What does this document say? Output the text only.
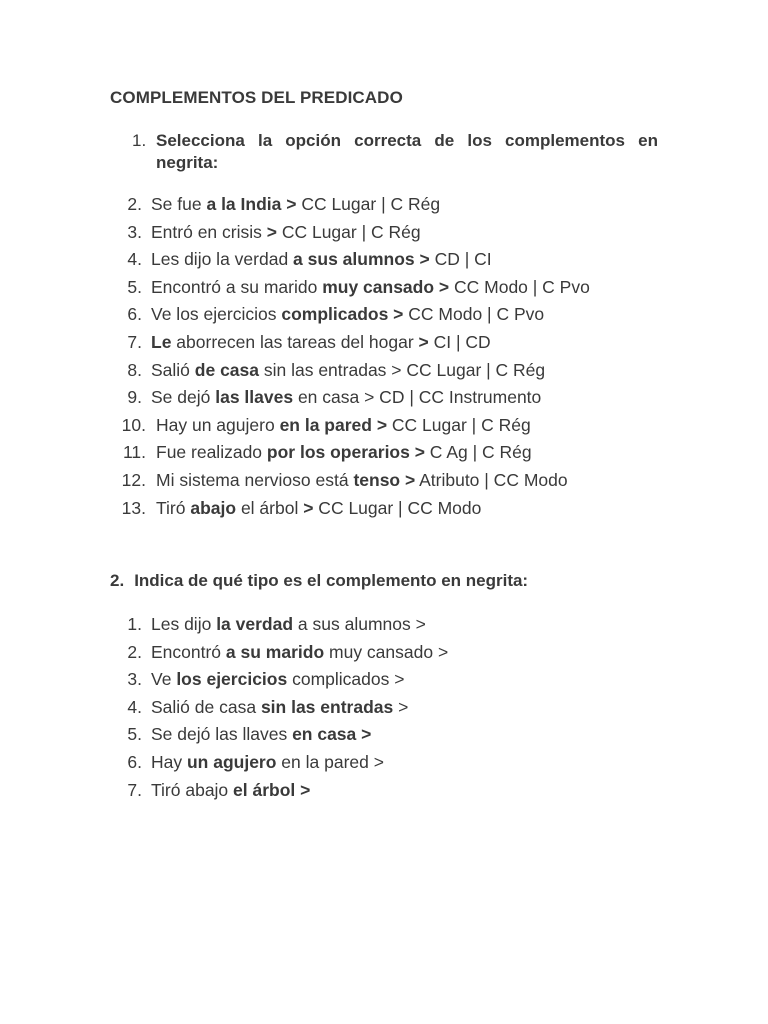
COMPLEMENTOS DEL PREDICADO
1. Selecciona la opción correcta de los complementos en negrita:
2. Se fue a la India > CC Lugar | C Rég
3. Entró en crisis > CC Lugar | C Rég
4. Les dijo la verdad a sus alumnos > CD | CI
5. Encontró a su marido muy cansado > CC Modo | C Pvo
6. Ve los ejercicios complicados > CC Modo | C Pvo
7. Le aborrecen las tareas del hogar > CI | CD
8. Salió de casa sin las entradas > CC Lugar | C Rég
9. Se dejó las llaves en casa > CD | CC Instrumento
10. Hay un agujero en la pared > CC Lugar | C Rég
11. Fue realizado por los operarios > C Ag | C Rég
12. Mi sistema nervioso está tenso > Atributo | CC Modo
13. Tiró abajo el árbol > CC Lugar | CC Modo
2. Indica de qué tipo es el complemento en negrita:
1. Les dijo la verdad a sus alumnos >
2. Encontró a su marido muy cansado >
3. Ve los ejercicios complicados >
4. Salió de casa sin las entradas >
5. Se dejó las llaves en casa >
6. Hay un agujero en la pared >
7. Tiró abajo el árbol >
